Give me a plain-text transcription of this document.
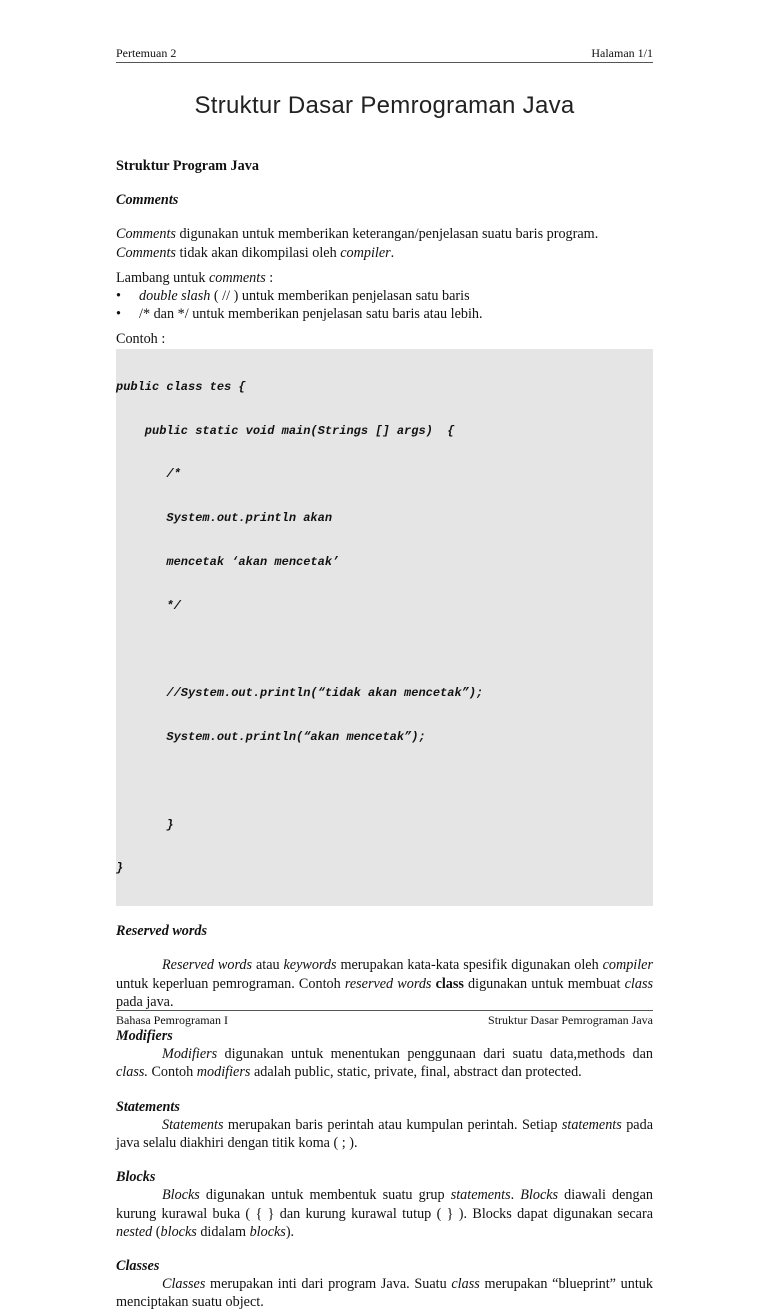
Pertemuan 2	Halaman 1/1
Struktur Dasar Pemrograman Java

Struktur Program Java

Comments

Comments digunakan untuk memberikan keterangan/penjelasan suatu baris program.
Comments tidak akan dikompilasi oleh compiler.

Lambang untuk comments :

• double slash ( // ) untuk memberikan penjelasan satu baris
• /* dan */ untuk memberikan penjelasan satu baris atau lebih.

Contoh :

public class tes {

public static void main(Strings [] args)  {

/*

System.out.println akan

mencetak ‘akan mencetak’

*/

//System.out.println(“tidak akan mencetak”);

System.out.println(“akan mencetak”);

}

}

Reserved words

Reserved words atau keywords merupakan kata-kata spesifik digunakan oleh compiler untuk keperluan pemrograman. Contoh reserved words class digunakan untuk membuat class pada java.

Modifiers

Modifiers digunakan untuk menentukan penggunaan dari suatu data,methods dan class. Contoh modifiers adalah public, static, private, final, abstract dan protected.

Statements

Statements merupakan baris perintah atau kumpulan perintah. Setiap statements pada java selalu diakhiri dengan titik koma ( ; ).

Blocks

Blocks digunakan untuk membentuk suatu grup statements. Blocks diawali dengan kurung kurawal buka ( { } dan kurung kurawal tutup ( } ). Blocks dapat digunakan secara nested (blocks didalam blocks).

Classes

Classes merupakan inti dari program Java. Suatu class merupakan “blueprint” untuk menciptakan suatu object.

Bahasa Pemrograman I	Struktur Dasar Pemrograman Java
